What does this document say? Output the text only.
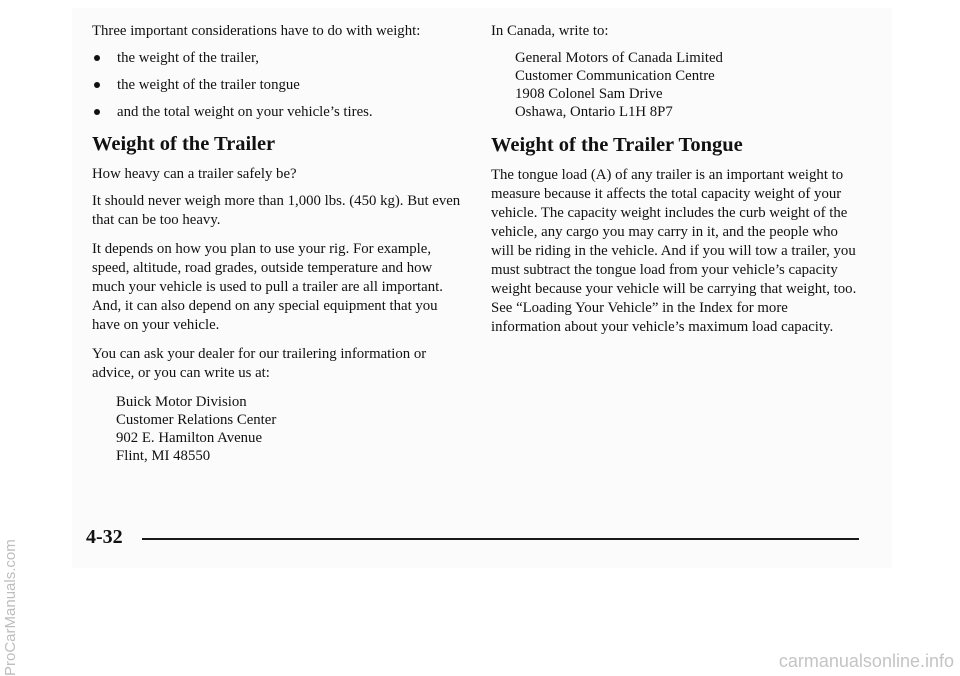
Three important considerations have to do with weight:

the weight of the trailer,
the weight of the trailer tongue
and the total weight on your vehicle’s tires.
Weight of the Trailer

How heavy can a trailer safely be?

It should never weigh more than 1,000 lbs. (450 kg). But even that can be too heavy.

It depends on how you plan to use your rig. For example, speed, altitude, road grades, outside temperature and how much your vehicle is used to pull a trailer are all important. And, it can also depend on any special equipment that you have on your vehicle.

You can ask your dealer for our trailering information or advice, or you can write us at:

Buick Motor Division
Customer Relations Center
902 E. Hamilton Avenue
Flint, MI 48550

In Canada, write to:

General Motors of Canada Limited
Customer Communication Centre
1908 Colonel Sam Drive
Oshawa, Ontario L1H 8P7
Weight of the Trailer Tongue

The tongue load (A) of any trailer is an important weight to measure because it affects the total capacity weight of your vehicle. The capacity weight includes the curb weight of the vehicle, any cargo you may carry in it, and the people who will be riding in the vehicle. And if you will tow a trailer, you must subtract the tongue load from your vehicle’s capacity weight because your vehicle will be carrying that weight, too. See “Loading Your Vehicle” in the Index for more information about your vehicle’s maximum load capacity.

4-32
ProCarManuals.com	carmanualsonline.info
